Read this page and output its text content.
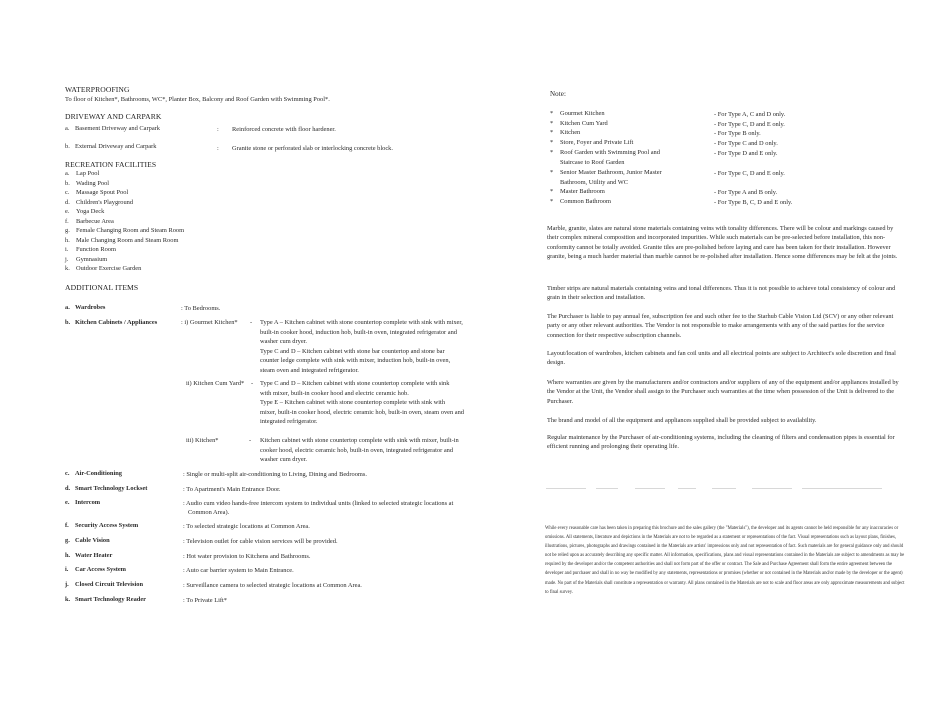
WATERPROOFING
To floor of Kitchen*, Bathrooms, WC*, Planter Box, Balcony and Roof Garden with Swimming Pool*.
DRIVEWAY AND CARPARK
a. Basement Driveway and Carpark	: Reinforced concrete with floor hardener.
b. External Driveway and Carpark	: Granite stone or perforated slab or interlocking concrete block.
RECREATION FACILITIES
a. Lap Pool
b. Wading Pool
c. Massage Spout Pool
d. Children's Playground
e. Yoga Deck
f. Barbecue Area
g. Female Changing Room and Steam Room
h. Male Changing Room and Steam Room
i. Function Room
j. Gymnasium
k. Outdoor Exercise Garden
ADDITIONAL ITEMS
a. Wardrobes	: To Bedrooms.
b. Kitchen Cabinets / Appliances	: i) Gourmet Kitchen* - Type A – Kitchen cabinet with stone countertop complete with sink with mixer,
built-in cooker hood, induction hob, built-in oven, integrated refrigerator and
washer cum dryer.
Type C and D – Kitchen cabinet with stone bar countertop and stone bar
counter ledge complete with sink with mixer, induction hob, built-in oven,
steam oven and integrated refrigerator.
ii) Kitchen Cum Yard* - Type C and D – Kitchen cabinet with stone countertop complete with sink
with mixer, built-in cooker hood and electric ceramic hob.
Type E – Kitchen cabinet with stone countertop complete with sink with
mixer, built-in cooker hood, electric ceramic hob, built-in oven, steam oven and
integrated refrigerator.
iii) Kitchen*	- Kitchen cabinet with stone countertop complete with sink with mixer, built-in
cooker hood, electric ceramic hob, built-in oven, integrated refrigerator and
washer cum dryer.
c. Air-Conditioning	: Single or multi-split air-conditioning to Living, Dining and Bedrooms.
d. Smart Technology Lockset	: To Apartment's Main Entrance Door.
e. Intercom	: Audio cum video hands-free intercom system to individual units (linked to selected strategic locations at
Common Area).
f. Security Access System	: To selected strategic locations at Common Area.
g. Cable Vision	: Television outlet for cable vision services will be provided.
h. Water Heater	: Hot water provision to Kitchens and Bathrooms.
i. Car Access System	: Auto car barrier system to Main Entrance.
j. Closed Circuit Television	: Surveillance camera to selected strategic locations at Common Area.
k. Smart Technology Reader	: To Private Lift*
Note:
* Gourmet Kitchen	- For Type A, C and D only.
* Kitchen Cum Yard	- For Type C, D and E only.
* Kitchen	- For Type B only.
* Store, Foyer and Private Lift	- For Type C and D only.
* Roof Garden with Swimming Pool and
Staircase to Roof Garden
- For Type D and E only.
* Senior Master Bathroom, Junior Master
Bathroom, Utility and WC
- For Type C, D and E only.
* Master Bathroom	- For Type A and B only.
* Common Bathroom	- For Type B, C, D and E only.
Marble, granite, slates are natural stone materials containing veins with tonality differences. There will be colour and markings caused by their complex mineral composition and incorporated impurities. While such materials can be pre-selected before installation, this non-conformity cannot be totally avoided. Granite tiles are pre-polished before laying and care has been taken for their installation. However granite, being a much harder material than marble cannot be re-polished after installation. Hence some differences may be felt at the joints.
Timber strips are natural materials containing veins and tonal differences. Thus it is not possible to achieve total consistency of colour and grain in their selection and installation.
The Purchaser is liable to pay annual fee, subscription fee and such other fee to the Starhub Cable Vision Ltd (SCV) or any other relevant party or any other relevant authorities. The Vendor is not responsible to make arrangements with any of the said parties for the service connection for their respective subscription channels.
Layout/location of wardrobes, kitchen cabinets and fan coil units and all electrical points are subject to Architect's sole discretion and final design.
Where warranties are given by the manufacturers and/or contractors and/or suppliers of any of the equipment and/or appliances installed by the Vendor at the Unit, the Vendor shall assign to the Purchaser such warranties at the time when possession of the Unit is delivered to the Purchaser.
The brand and model of all the equipment and appliances supplied shall be provided subject to availability.
Regular maintenance by the Purchaser of air-conditioning systems, including the cleaning of filters and condensation pipes is essential for efficient running and prolonging their operating life.
While every reasonable care has been taken in preparing this brochure and the sales gallery (the "Materials"), the developer and its agents cannot be held responsible for any inaccuracies or omissions. All statements, literature and depictions in the Materials are not to be regarded as a statement or representations of the fact. Visual representations such as layout plans, finishes, illustrations, pictures, photographs and drawings contained in the Materials are artists' impressions only and not representation of fact. Such materials are for general guidance only and should not be relied upon as accurately describing any specific matter. All information, specifications, plans and visual representations contained in the Materials are subject to amendments as may be required by the developer and/or the competent authorities and shall not form part of the offer or contract. The Sale and Purchase Agreement shall form the entire agreement between the developer and purchaser and shall in no way be modified by any statements, representations or promises (whether or not contained in the Materials and/or made by the developer or the agent) made. No part of the Materials shall constitute a representation or warranty. All plans contained in the Materials are not to scale and floor areas are only approximate measurements and subject to final survey.
